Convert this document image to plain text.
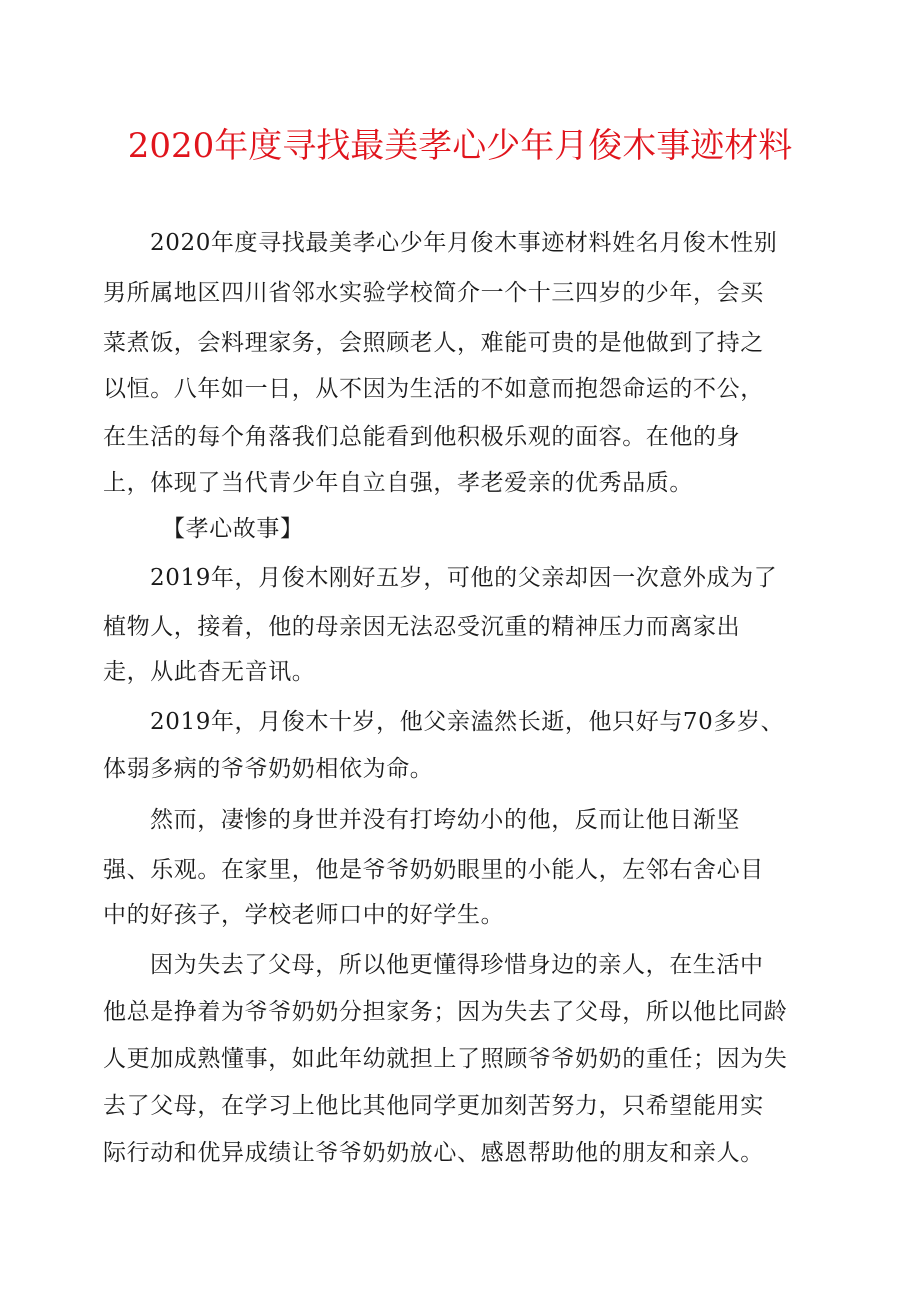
2020年度寻找最美孝心少年月俊木事迹材料
2020年度寻找最美孝心少年月俊木事迹材料姓名月俊木性别
男所属地区四川省邻水实验学校简介一个十三四岁的少年，会买
菜煮饭，会料理家务，会照顾老人，难能可贵的是他做到了持之
以恒。八年如一日，从不因为生活的不如意而抱怨命运的不公，
在生活的每个角落我们总能看到他积极乐观的面容。在他的身
上，体现了当代青少年自立自强，孝老爱亲的优秀品质。
【孝心故事】
2019年，月俊木刚好五岁，可他的父亲却因一次意外成为了
植物人，接着，他的母亲因无法忍受沉重的精神压力而离家出
走，从此杳无音讯。
2019年，月俊木十岁，他父亲溘然长逝，他只好与70多岁、
体弱多病的爷爷奶奶相依为命。
然而，凄惨的身世并没有打垮幼小的他，反而让他日渐坚
强、乐观。在家里，他是爷爷奶奶眼里的小能人，左邻右舍心目
中的好孩子，学校老师口中的好学生。
因为失去了父母，所以他更懂得珍惜身边的亲人，在生活中
他总是挣着为爷爷奶奶分担家务；因为失去了父母，所以他比同龄
人更加成熟懂事，如此年幼就担上了照顾爷爷奶奶的重任；因为失
去了父母，在学习上他比其他同学更加刻苦努力，只希望能用实
际行动和优异成绩让爷爷奶奶放心、感恩帮助他的朋友和亲人。
